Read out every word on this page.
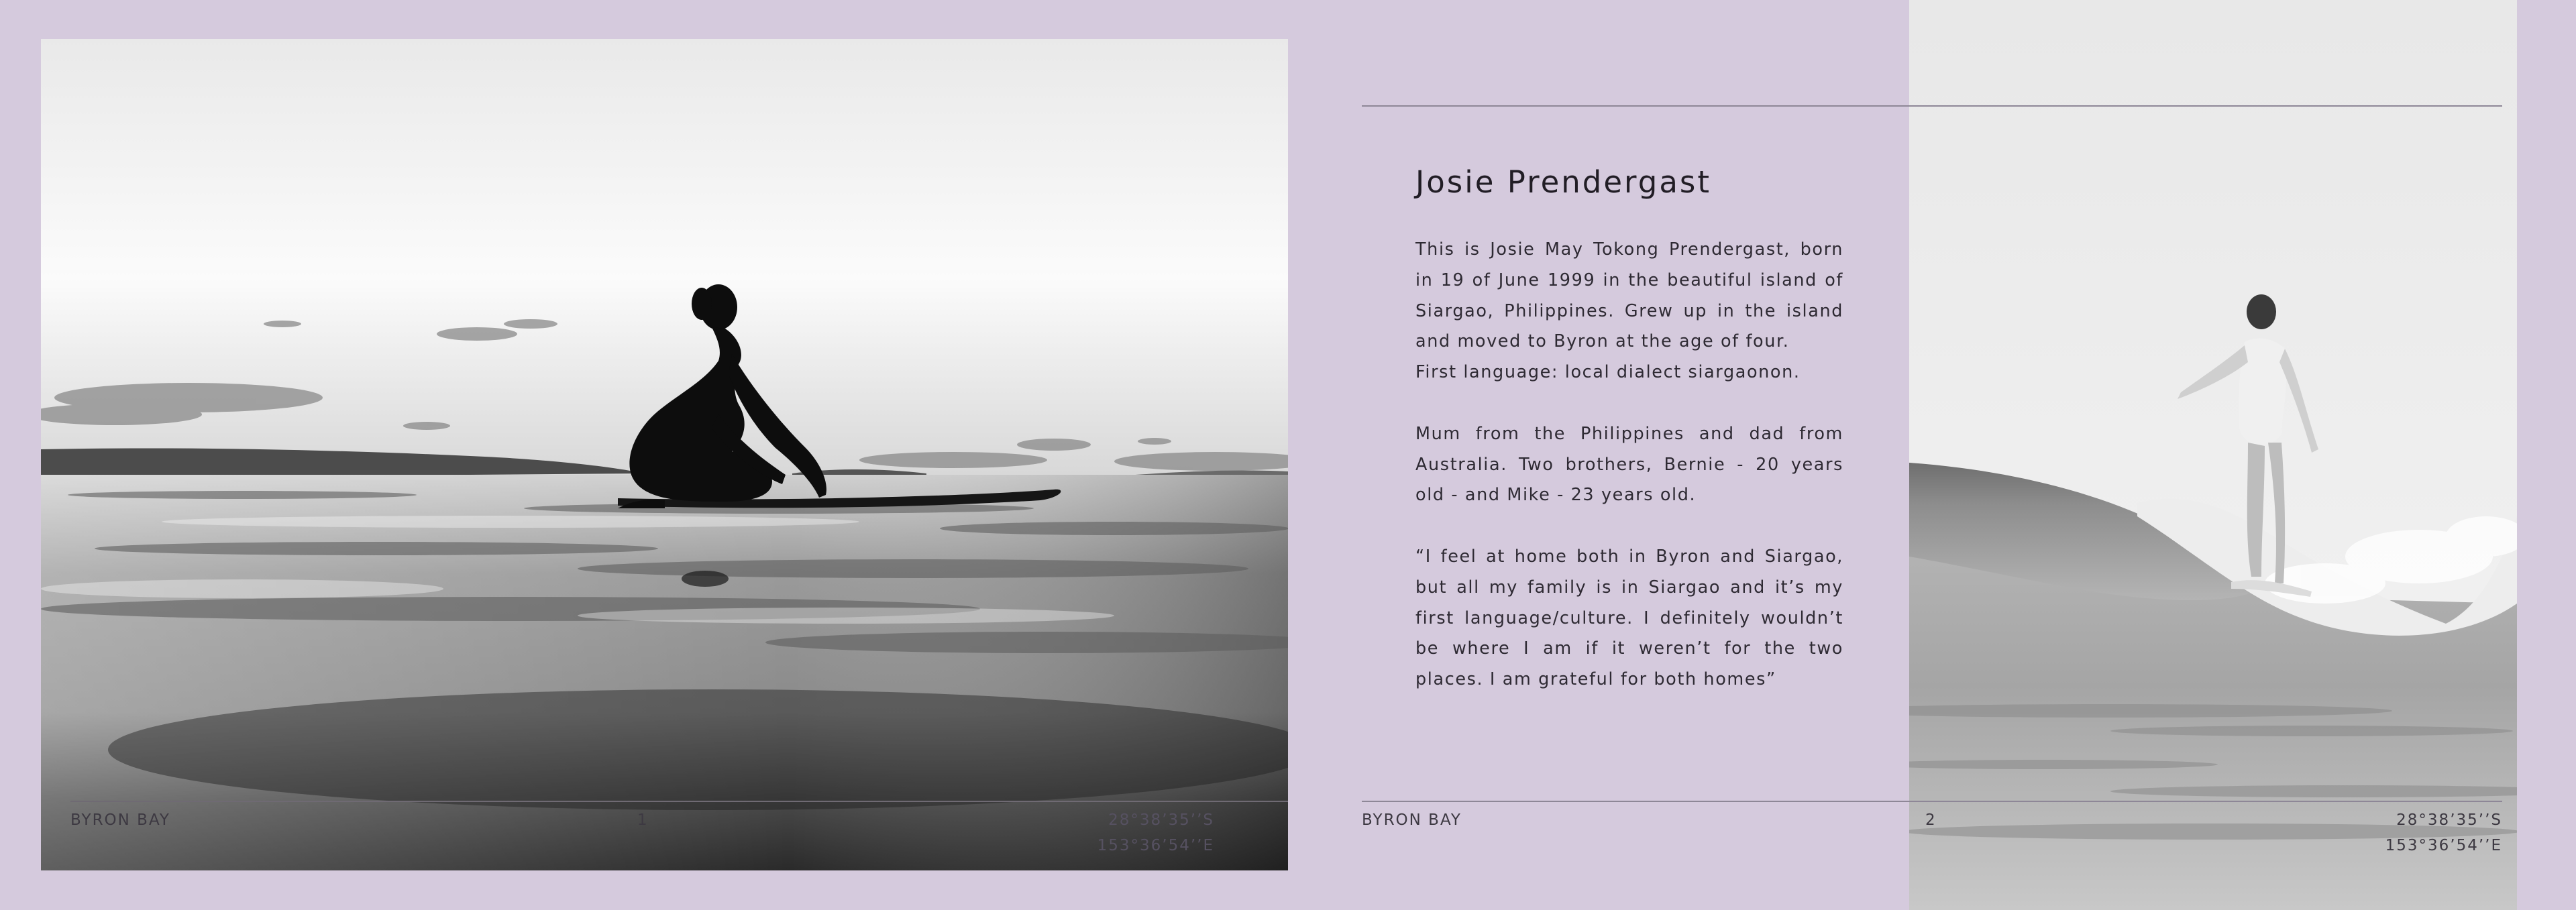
Josie Prendergast

This is Josie May Tokong Prendergast, born in 19 of June 1999 in the beautiful island of Siargao, Philippines. Grew up in the island and moved to Byron at the age of four.
First language: local dialect siargaonon.

Mum from the Philippines and dad from Australia. Two brothers, Bernie - 20 years old - and Mike - 23 years old.

“I feel at home both in Byron and Siargao, but all my family is in Siargao and it’s my first language/culture. I definitely wouldn’t be where I am if it weren’t for the two places. I am grateful for both homes”

BYRON BAY	1	28°38’35’’S
153°36’54’’E
BYRON BAY	2	28°38’35’’S
153°36’54’’E
